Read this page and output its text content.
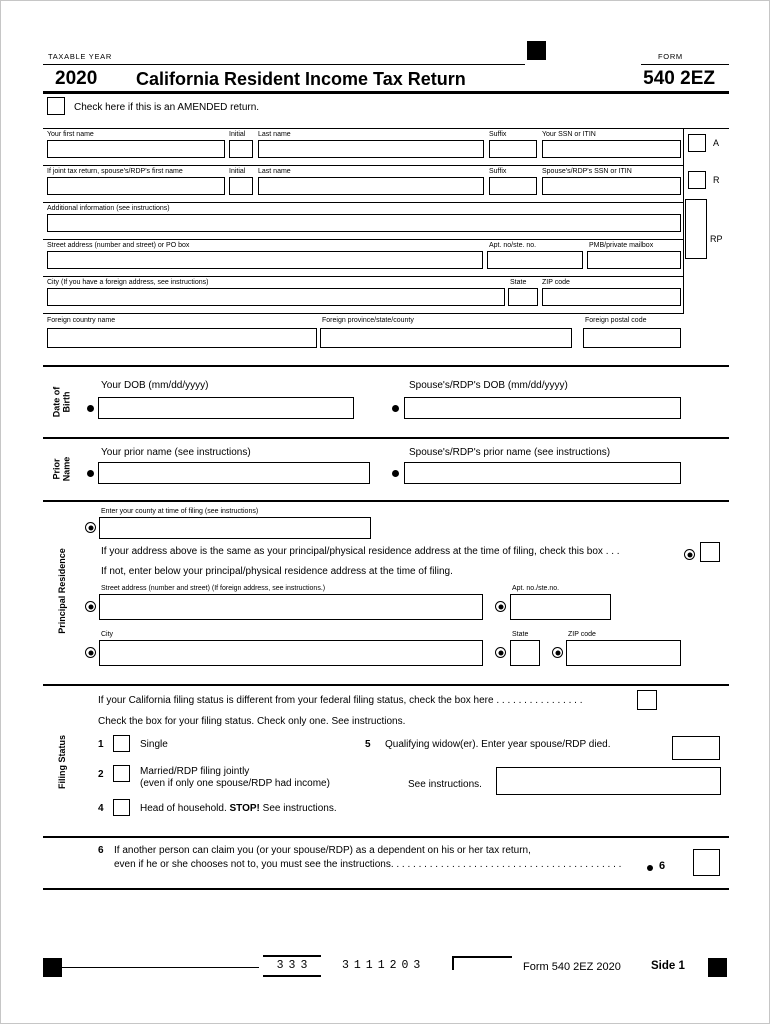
TAXABLE YEAR	FORM
2020 California Resident Income Tax Return	540 2EZ
Check here if this is an AMENDED return.
Your first name	Initial Last name	Suffix	Your SSN or ITIN
A
If joint tax return, spouse's/RDP's first name	Initial Last name	Suffix	Spouse's/RDP's SSN or ITIN
R
Additional information (see instructions)
RP
Street address (number and street) or PO box	Apt. no/ste. no.	PMB/private mailbox
City (If you have a foreign address, see instructions)	State ZIP code
Foreign country name	Foreign province/state/county	Foreign postal code
Date of Birth
Your DOB (mm/dd/yyyy)	Spouse's/RDP's DOB (mm/dd/yyyy)
Prior Name
Your prior name (see instructions)	Spouse's/RDP's prior name (see instructions)
Principal Residence
Enter your county at time of filing (see instructions)
If your address above is the same as your principal/physical residence address at the time of filing, check this box . . .
If not, enter below your principal/physical residence address at the time of filing.
Street address (number and street) (If foreign address, see instructions.)	Apt. no./ste.no.
City	State	ZIP code
Filing Status
If your California filing status is different from your federal filing status, check the box here . . . . . . . . . . . . . . . .
Check the box for your filing status. Check only one. See instructions.
1	Single	5 Qualifying widow(er). Enter year spouse/RDP died.
2	Married/RDP filing jointly
(even if only one spouse/RDP had income)	See instructions.
4	Head of household. STOP! See instructions.
6 If another person can claim you (or your spouse/RDP) as a dependent on his or her tax return,
even if he or she chooses not to, you must see the instructions. . . . . . . . . . . . . . . . . . . . . . . . . . . . . . . . . . . . . . . . . .	6
333	3111203	Form 540 2EZ 2020	Side 1
